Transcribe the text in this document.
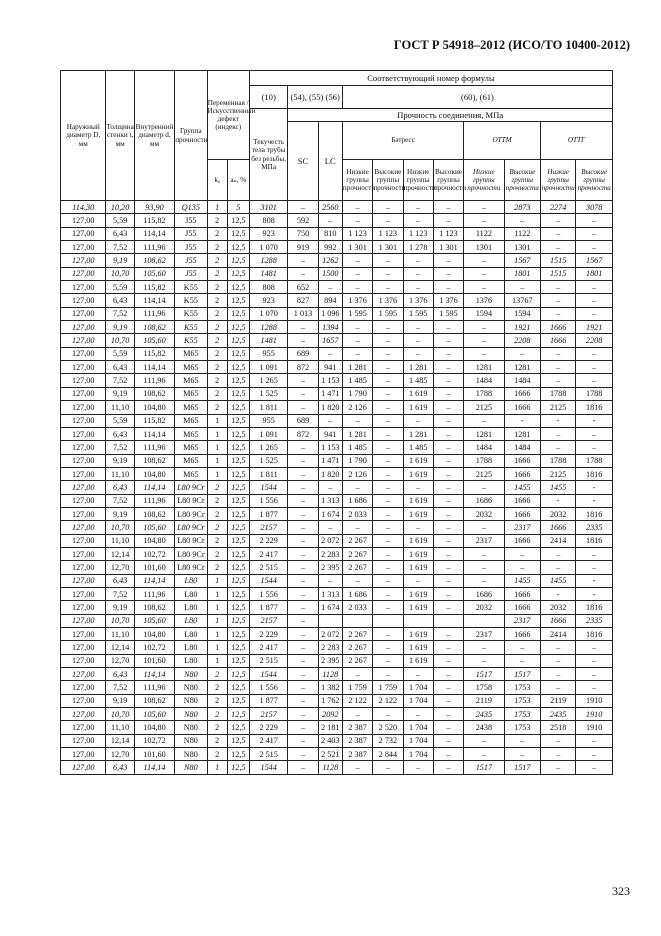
ГОСТ Р 54918–2012 (ИСО/ТО 10400-2012)
Наружный диаметр D, мм	Толщина стенки t, мм	Внутренний диаметр d, мм	Группа прочности	Переменная /Искусственный дефект (индекс)		Соответствующий номер формулы										
						(10)	(54), (55) (56)		(60), (61)							
						Текучесть тела трубы без резьбы, МПа	Прочность соединения, МПа									
							SC	LC	Батресс				ОТТМ		ОТТГ	
				kₐ	aₙ, %				Низкие группы прочности	Высокие группы прочности	Низкие группы прочности	Высокие группы прочности	Низкие группы прочности	Высокие группы прочности	Низкие группы прочности	Высокие группы прочности
114,30	10,20	93,90	Q135	1	5	3101	–	2560	–	–	–	–	–	2873	2274	3078
127,00	5,59	115,82	J55	2	12,5	808	592	–	–	–	–	–	–	–	–	–
127,00	6,43	114,14	J55	2	12,5	923	750	810	1 123	1 123	1 123	1 123	1122	1122	–	–
127,00	7,52	111,96	J55	2	12,5	1 070	919	992	1 301	1 301	1 278	1 301	1301	1301	–	–
127,00	9,19	108,62	J55	2	12,5	1288	–	1262	–	–	–	–	–	1567	1515	1567
127,00	10,70	105,60	J55	2	12,5	1481	–	1500	–	–	–	–	–	1801	1515	1801
127,00	5,59	115,82	K55	2	12,5	808	652	–	–	–	–	–	–	–	–	–
127,00	6,43	114,14	K55	2	12,5	923	827	894	1 376	1 376	1 376	1 376	1376	13767	–	–
127,00	7,52	111,96	K55	2	12,5	1 070	1 013	1 096	1 595	1 595	1 595	1 595	1594	1594	–	–
127,00	9,19	108,62	K55	2	12,5	1288	–	1394	–	–	–	–	–	1921	1666	1921
127,00	10,70	105,60	K55	2	12,5	1481	–	1657	–	–	–	–	–	2208	1666	2208
127,00	5,59	115,82	M65	2	12,5	955	689	–	–	–	–	–	–	–	–	–
127,00	6,43	114,14	M65	2	12,5	1 091	872	941	1 281	–	1 281	–	1281	1281	–	–
127,00	7,52	111,96	M65	2	12,5	1 265	–	1 153	1 485	–	1 485	–	1484	1484	–	–
127,00	9,19	108,62	M65	2	12,5	1 525	–	1 471	1 790	–	1 619	–	1788	1666	1788	1788
127,00	11,10	104,80	M65	2	12,5	1 811	–	1 820	2 126	–	1 619	–	2125	1666	2125	1816
127,00	5,59	115,82	M65	1	12,5	955	689	–	–	–	–	–	–	-	-	-
127,00	6,43	114,14	M65	1	12,5	1 091	872	941	1 281	–	1 281	–	1281	1281	–	–
127,00	7,52	111,96	M65	1	12,5	1 265	–	1 153	1 485	–	1 485	–	1484	1484	–	–
127,00	9,19	108,62	M65	1	12,5	1 525	–	1 471	1 790	–	1 619	–	1788	1666	1788	1788
127,00	11,10	104,80	M65	1	12,5	1 811	–	1 820	2 126	–	1 619	–	2125	1666	2125	1816
127,00	6,43	114,14	L80 9Cr	2	12,5	1544	–	–	–	–	–	–	–	1455	1455	-
127,00	7,52	111,96	L80 9Cr	2	12,5	1 556	–	1 313	1 686	–	1 619	–	1686	1666	-	-
127,00	9,19	108,62	L80 9Cr	2	12,5	1 877	–	1 674	2 033	–	1 619	–	2032	1666	2032	1816
127,00	10,70	105,60	L80 9Cr	2	12,5	2157	–	–	–	–	–	–	–	2317	1666	2335
127,00	11,10	104,80	L80 9Cr	2	12,5	2 229	–	2 072	2 267	–	1 619	–	2317	1666	2414	1816
127,00	12,14	102,72	L80 9Cr	2	12,5	2 417	–	2 283	2 267	–	1 619	–	–	–	–	–
127,00	12,70	101,60	L80 9Cr	2	12,5	2 515	–	2 395	2 267	–	1 619	–	–	–	–	–
127,00	6,43	114,14	L80	1	12,5	1544	–	–	–	–	–	–	–	1455	1455	-
127,00	7,52	111,96	L80	1	12,5	1 556	–	1 313	1 686	–	1 619	–	1686	1666	-	-
127,00	9,19	108,62	L80	1	12,5	1 877	–	1 674	2 033	–	1 619	–	2032	1666	2032	1816
127,00	10,70	105,60	L80	1	12,5	2157	–							2317	1666	2335
127,00	11,10	104,80	L80	1	12,5	2 229	–	2 072	2 267	–	1 619	–	2317	1666	2414	1816
127,00	12,14	102,72	L80	1	12,5	2 417	–	2 283	2 267	–	1 619	–	–	–	–	–
127,00	12,70	101,60	L80	1	12,5	2 515	–	2 395	2 267	–	1 619	–	–	–	–	–
127,00	6,43	114,14	N80	2	12,5	1544	–	1128	–	–	–	–	1517	1517	–	–
127,00	7,52	111,96	N80	2	12,5	1 556	–	1 382	1 759	1 759	1 704	–	1758	1753	–	–
127,00	9,19	108,62	N80	2	12,5	1 877	–	1 762	2 122	2 122	1 704	–	2119	1753	2119	1910
127,00	10,70	105,60	N80	2	12,5	2157	–	2092	–	–	–	–	2435	1753	2435	1910
127,00	11,10	104,80	N80	2	12,5	2 229	–	2 181	2 387	2 520	1 704	–	2438	1753	2518	1910
127,00	12,14	102,72	N80	2	12,5	2 417	–	2 403	2 387	2 732	1 704	–	–	–	–	–
127,00	12,70	101,60	N80	2	12,5	2 515	–	2 521	2 387	2 844	1 704	–	–	–	–	–
127,00	6,43	114,14	N80	1	12,5	1544	–	1128	–	–	–	–	1517	1517	–	–
323
